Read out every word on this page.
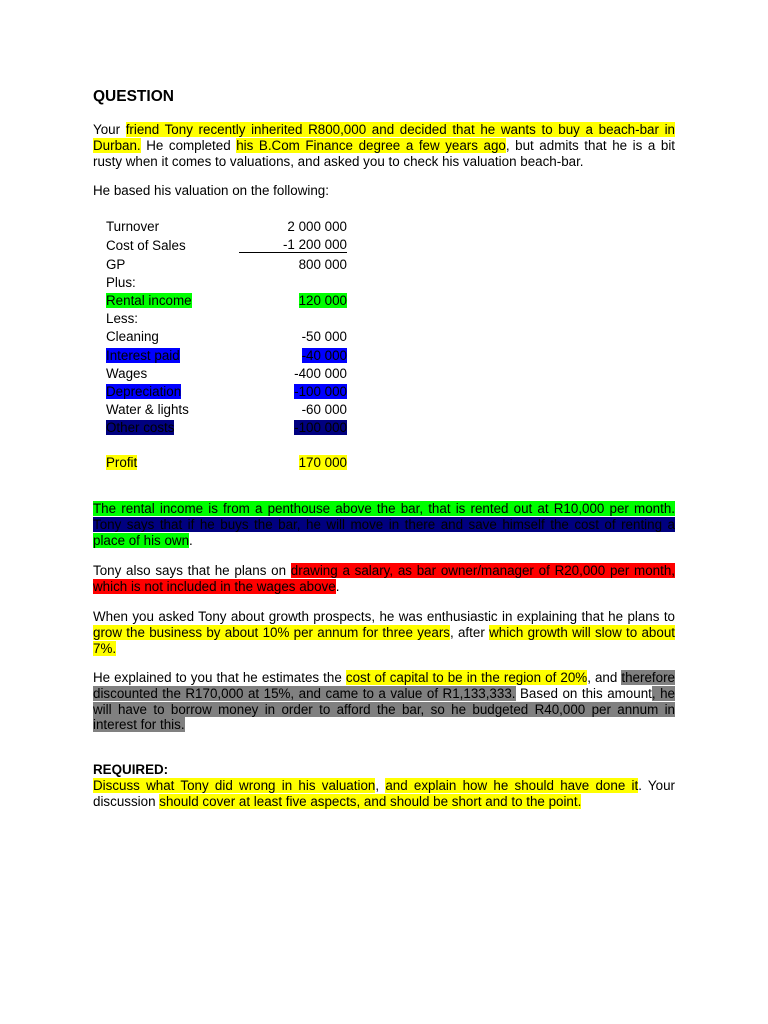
QUESTION

Your friend Tony recently inherited R800,000 and decided that he wants to buy a beach-bar in Durban. He completed his B.Com Finance degree a few years ago, but admits that he is a bit rusty when it comes to valuations, and asked you to check his valuation beach-bar.

He based his valuation on the following:

Turnover	2 000 000
Cost of Sales	-1 200 000
GP	800 000
Plus:	
Rental income	120 000
Less:	
Cleaning	-50 000
Interest paid	-40 000
Wages	-400 000
Depreciation	-100 000
Water & lights	-60 000
Other costs	-100 000

Profit	170 000

The rental income is from a penthouse above the bar, that is rented out at R10,000 per month. Tony says that if he buys the bar, he will move in there and save himself the cost of renting a place of his own.

Tony also says that he plans on drawing a salary, as bar owner/manager of R20,000 per month, which is not included in the wages above.

When you asked Tony about growth prospects, he was enthusiastic in explaining that he plans to grow the business by about 10% per annum for three years, after which growth will slow to about 7%.

He explained to you that he estimates the cost of capital to be in the region of 20%, and therefore discounted the R170,000 at 15%, and came to a value of R1,133,333. Based on this amount, he will have to borrow money in order to afford the bar, so he budgeted R40,000 per annum in interest for this.

REQUIRED:
Discuss what Tony did wrong in his valuation, and explain how he should have done it. Your discussion should cover at least five aspects, and should be short and to the point.
